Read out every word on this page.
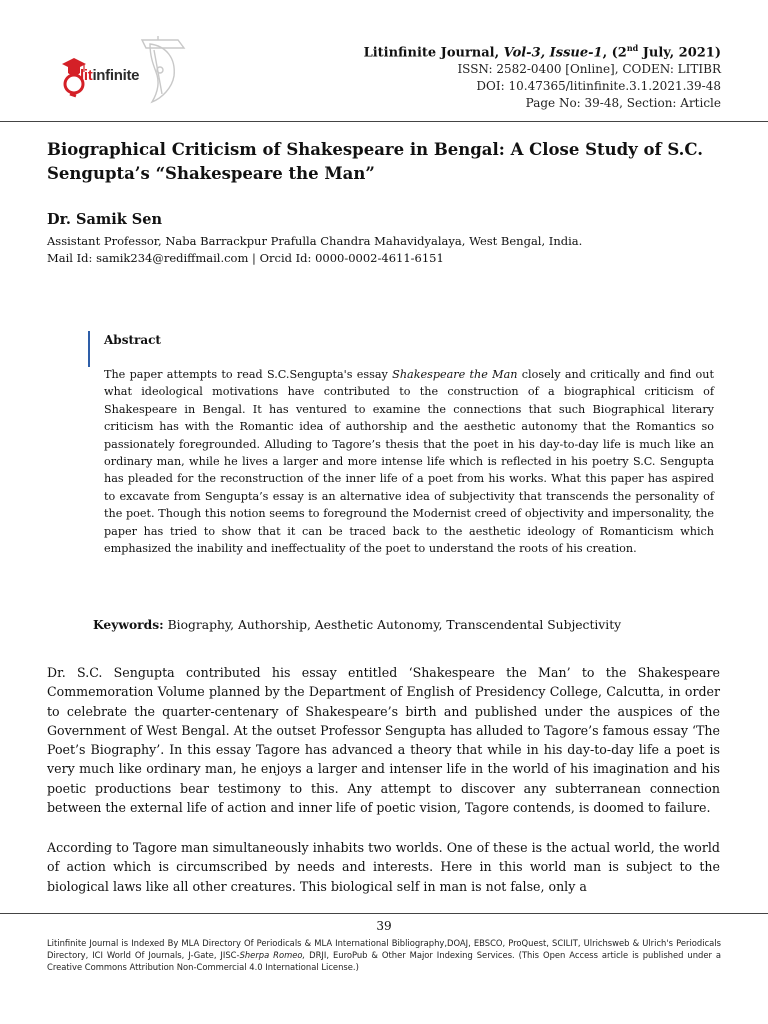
litinfinite
Litinfinite Journal, Vol-3, Issue-1, (2nd July, 2021)
ISSN: 2582-0400 [Online], CODEN: LITIBR
DOI: 10.47365/litinfinite.3.1.2021.39-48
Page No: 39-48, Section: Article
Biographical Criticism of Shakespeare in Bengal: A Close Study of S.C. Sengupta’s “Shakespeare the Man”
Dr. Samik Sen
Assistant Professor, Naba Barrackpur Prafulla Chandra Mahavidyalaya, West Bengal, India.
Mail Id: samik234@rediffmail.com | Orcid Id: 0000-0002-4611-6151
Abstract
The paper attempts to read S.C.Sengupta's essay Shakespeare the Man closely and critically and find out what ideological motivations have contributed to the construction of a biographical criticism of Shakespeare in Bengal. It has ventured to examine the connections that such Biographical literary criticism has with the Romantic idea of authorship and the aesthetic autonomy that the Romantics so passionately foregrounded. Alluding to Tagore’s thesis that the poet in his day-to-day life is much like an ordinary man, while he lives a larger and more intense life which is reflected in his poetry S.C. Sengupta has pleaded for the reconstruction of the inner life of a poet from his works. What this paper has aspired to excavate from Sengupta’s essay is an alternative idea of subjectivity that transcends the personality of the poet. Though this notion seems to foreground the Modernist creed of objectivity and impersonality, the paper has tried to show that it can be traced back to the aesthetic ideology of Romanticism which emphasized the inability and ineffectuality of the poet to understand the roots of his creation.
Keywords: Biography, Authorship, Aesthetic Autonomy, Transcendental Subjectivity
Dr. S.C. Sengupta contributed his essay entitled ‘Shakespeare the Man’ to the Shakespeare Commemoration Volume planned by the Department of English of Presidency College, Calcutta, in order to celebrate the quarter-centenary of Shakespeare’s birth and published under the auspices of the Government of West Bengal. At the outset Professor Sengupta has alluded to Tagore’s famous essay ‘The Poet’s Biography’. In this essay Tagore has advanced a theory that while in his day-to-day life a poet is very much like ordinary man, he enjoys a larger and intenser life in the world of his imagination and his poetic productions bear testimony to this. Any attempt to discover any subterranean connection between the external life of action and inner life of poetic vision, Tagore contends, is doomed to failure.
According to Tagore man simultaneously inhabits two worlds. One of these is the actual world, the world of action which is circumscribed by needs and interests. Here in this world man is subject to the biological laws like all other creatures. This biological self in man is not false, only a
39
Litinfinite Journal is Indexed By MLA Directory Of Periodicals & MLA International Bibliography,DOAJ, EBSCO, ProQuest, SCILIT, Ulrichsweb & Ulrich's Periodicals Directory, ICI World Of Journals, J-Gate, JISC-Sherpa Romeo, DRJI, EuroPub & Other Major Indexing Services. (This Open Access article is published under a Creative Commons Attribution Non-Commercial 4.0 International License.)
